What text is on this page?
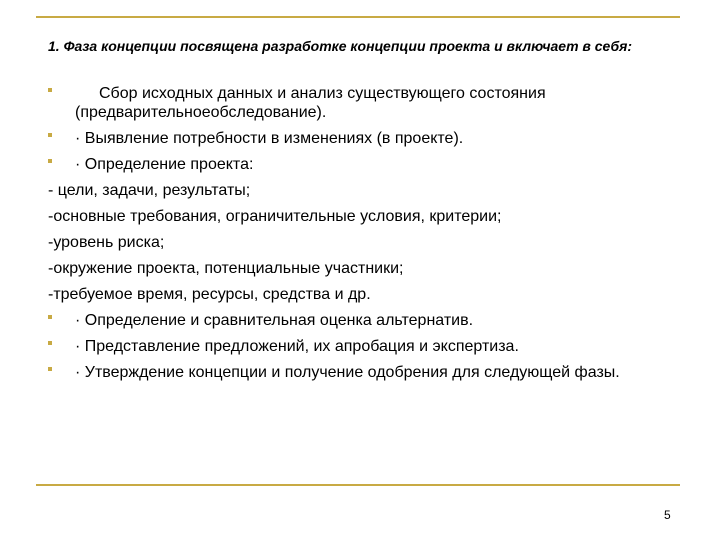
1. Фаза концепции посвящена разработке концепции проекта и включает в себя:
Сбор исходных данных и анализ существующего состояния (предварительноеобследование).
· Выявление потребности в изменениях (в проекте).
· Определение проекта:
- цели, задачи, результаты;
-основные требования, ограничительные условия, критерии;
-уровень риска;
-окружение проекта, потенциальные участники;
-требуемое время, ресурсы, средства и др.
· Определение и сравнительная оценка альтернатив.
· Представление предложений, их апробация и экспертиза.
· Утверждение концепции и получение одобрения для следующей фазы.
5
